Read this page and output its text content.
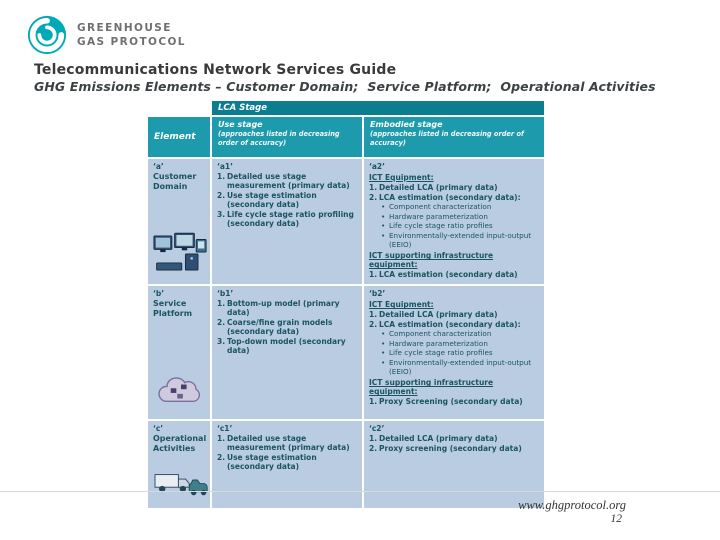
GREENHOUSE
GAS PROTOCOL
Telecommunications Network Services Guide
GHG Emissions Elements – Customer Domain;  Service Platform;  Operational Activities
LCA Stage
Element
Use stage
(approaches listed in decreasing order of accuracy)
Embodied stage
(approaches listed in decreasing order of accuracy)
‘a’
Customer Domain
‘a1’
1. Detailed use stage measurement (primary data)
2. Use stage estimation (secondary data)
3. Life cycle stage ratio profiling (secondary data)
‘a2’
ICT Equipment:
1. Detailed LCA (primary data)
2. LCA estimation (secondary data):
• Component characterization
• Hardware parameterization
• Life cycle stage ratio profiles
• Environmentally-extended input-output (EEIO)
ICT supporting infrastructure equipment:
1. LCA estimation (secondary data)
‘b’
Service Platform
‘b1’
1. Bottom-up model (primary data)
2. Coarse/fine grain models (secondary data)
3. Top-down model (secondary data)
‘b2’
ICT Equipment:
1. Detailed LCA (primary data)
2. LCA estimation (secondary data):
• Component characterization
• Hardware parameterization
• Life cycle stage ratio profiles
• Environmentally-extended input-output (EEIO)
ICT supporting infrastructure equipment:
1. Proxy Screening (secondary data)
‘c’
Operational Activities
‘c1’
1. Detailed use stage measurement (primary data)
2. Use stage estimation (secondary data)
‘c2’
1. Detailed LCA (primary data)
2. Proxy screening (secondary data)
www.ghgprotocol.org
12
